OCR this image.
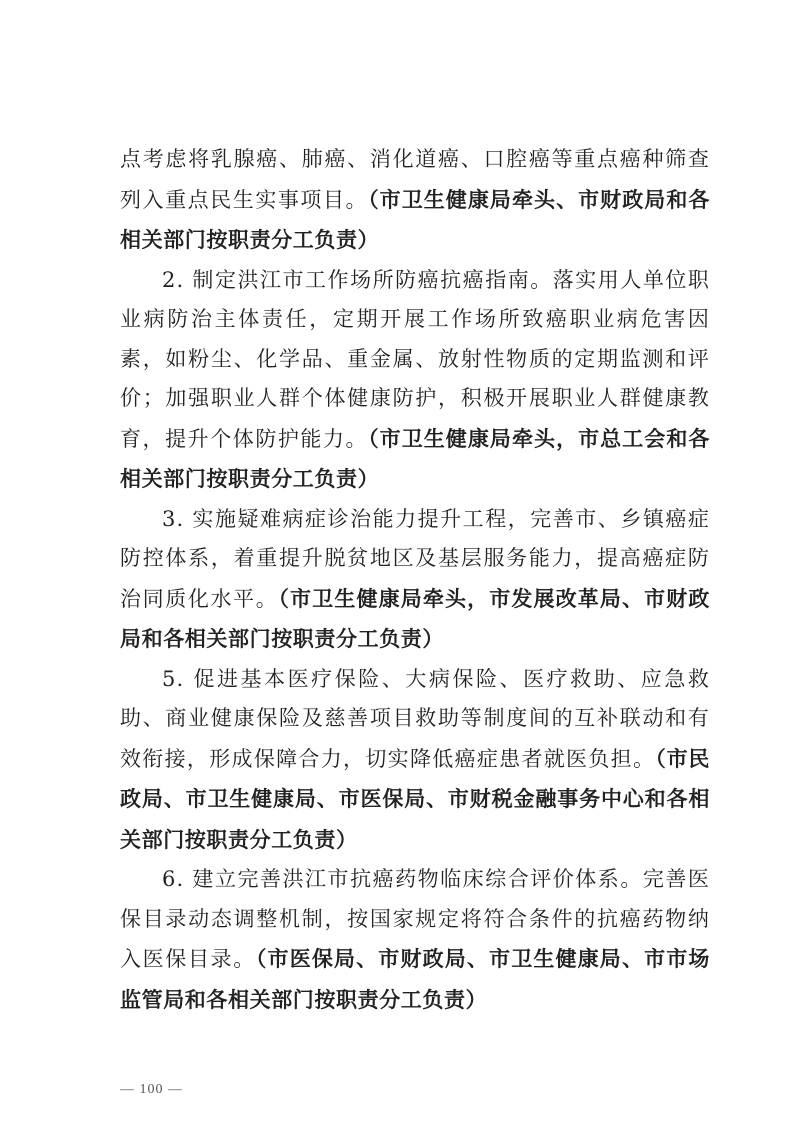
点考虑将乳腺癌、肺癌、消化道癌、口腔癌等重点癌种筛查列入重点民生实事项目。（市卫生健康局牵头、市财政局和各相关部门按职责分工负责）

2. 制定洪江市工作场所防癌抗癌指南。落实用人单位职业病防治主体责任，定期开展工作场所致癌职业病危害因素，如粉尘、化学品、重金属、放射性物质的定期监测和评价；加强职业人群个体健康防护，积极开展职业人群健康教育，提升个体防护能力。（市卫生健康局牵头，市总工会和各相关部门按职责分工负责）

3. 实施疑难病症诊治能力提升工程，完善市、乡镇癌症防控体系，着重提升脱贫地区及基层服务能力，提高癌症防治同质化水平。（市卫生健康局牵头，市发展改革局、市财政局和各相关部门按职责分工负责）

5. 促进基本医疗保险、大病保险、医疗救助、应急救助、商业健康保险及慈善项目救助等制度间的互补联动和有效衔接，形成保障合力，切实降低癌症患者就医负担。（市民政局、市卫生健康局、市医保局、市财税金融事务中心和各相关部门按职责分工负责）

6. 建立完善洪江市抗癌药物临床综合评价体系。完善医保目录动态调整机制，按国家规定将符合条件的抗癌药物纳入医保目录。（市医保局、市财政局、市卫生健康局、市市场监管局和各相关部门按职责分工负责）

— 100 —
